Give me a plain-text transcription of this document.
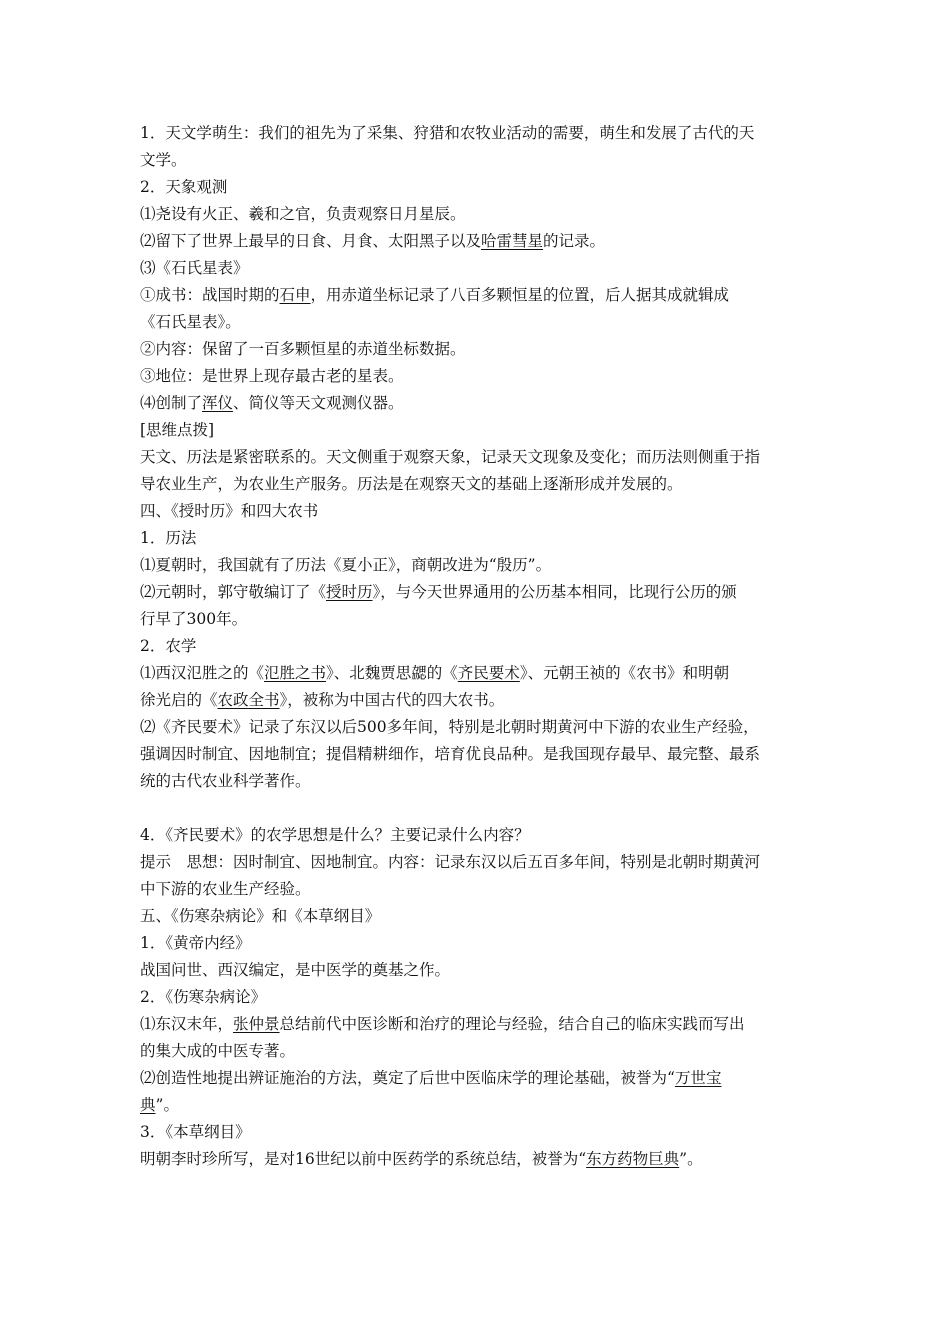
1．天文学萌生：我们的祖先为了采集、狩猎和农牧业活动的需要，萌生和发展了古代的天
文学。
2．天象观测
⑴尧设有火正、羲和之官，负责观察日月星辰。
⑵留下了世界上最早的日食、月食、太阳黑子以及哈雷彗星的记录。
⑶《石氏星表》
①成书：战国时期的石申，用赤道坐标记录了八百多颗恒星的位置，后人据其成就辑成
《石氏星表》。
②内容：保留了一百多颗恒星的赤道坐标数据。
③地位：是世界上现存最古老的星表。
⑷创制了浑仪、简仪等天文观测仪器。
[思维点拨]
天文、历法是紧密联系的。天文侧重于观察天象，记录天文现象及变化；而历法则侧重于指
导农业生产，为农业生产服务。历法是在观察天文的基础上逐渐形成并发展的。
四、《授时历》和四大农书
1．历法
⑴夏朝时，我国就有了历法《夏小正》，商朝改进为“殷历”。
⑵元朝时，郭守敬编订了《授时历》，与今天世界通用的公历基本相同，比现行公历的颁
行早了300年。
2．农学
⑴西汉氾胜之的《氾胜之书》、北魏贾思勰的《齐民要术》、元朝王祯的《农书》和明朝
徐光启的《农政全书》，被称为中国古代的四大农书。
⑵《齐民要术》记录了东汉以后500多年间，特别是北朝时期黄河中下游的农业生产经验，
强调因时制宜、因地制宜；提倡精耕细作，培育优良品种。是我国现存最早、最完整、最系
统的古代农业科学著作。
4．《齐民要术》的农学思想是什么？主要记录什么内容？
提示　思想：因时制宜、因地制宜。内容：记录东汉以后五百多年间，特别是北朝时期黄河
中下游的农业生产经验。
五、《伤寒杂病论》和《本草纲目》
1．《黄帝内经》
战国问世、西汉编定，是中医学的奠基之作。
2．《伤寒杂病论》
⑴东汉末年，张仲景总结前代中医诊断和治疗的理论与经验，结合自己的临床实践而写出
的集大成的中医专著。
⑵创造性地提出辨证施治的方法，奠定了后世中医临床学的理论基础，被誉为“万世宝
典”。
3．《本草纲目》
明朝李时珍所写，是对16世纪以前中医药学的系统总结，被誉为“东方药物巨典”。
